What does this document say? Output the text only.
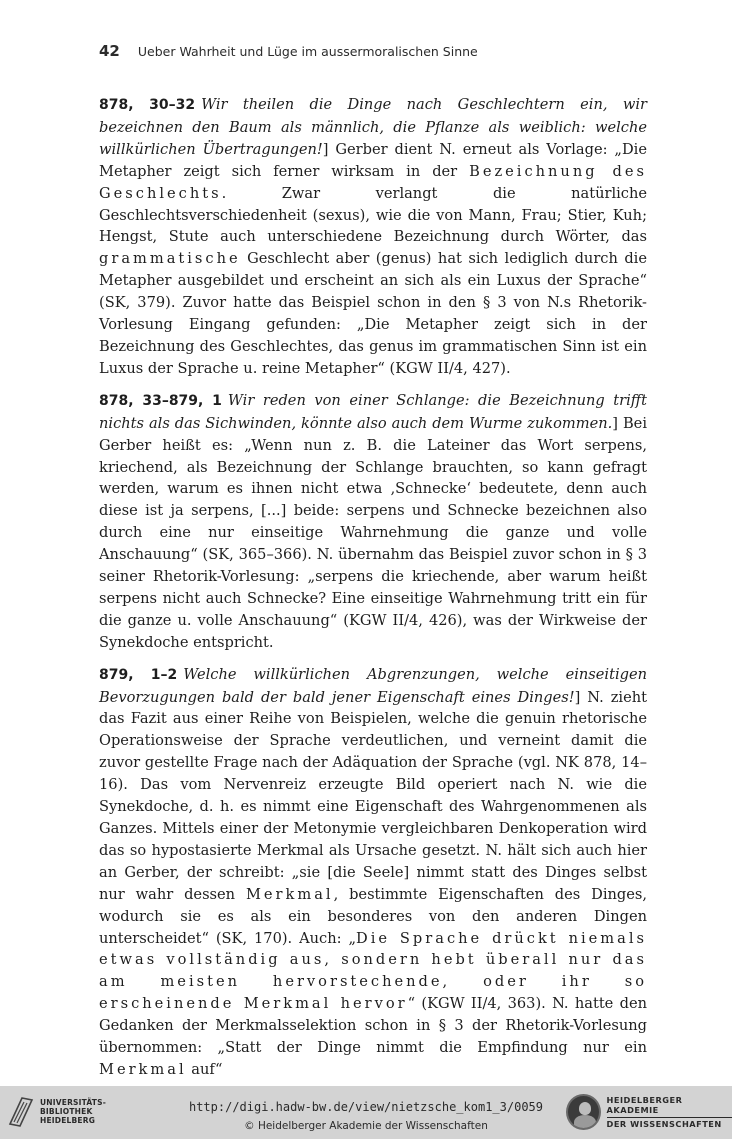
42 Ueber Wahrheit und Lüge im aussermoralischen Sinne

878, 30–32 Wir theilen die Dinge nach Geschlechtern ein, wir bezeichnen den Baum als männlich, die Pflanze als weiblich: welche willkürlichen Übertragungen!] Gerber dient N. erneut als Vorlage: „Die Metapher zeigt sich ferner wirksam in der Bezeichnung des Geschlechts. Zwar verlangt die natürliche Geschlechtsverschiedenheit (sexus), wie die von Mann, Frau; Stier, Kuh; Hengst, Stute auch unterschiedene Bezeichnung durch Wörter, das grammatische Geschlecht aber (genus) hat sich lediglich durch die Metapher ausgebildet und erscheint an sich als ein Luxus der Sprache“ (SK, 379). Zuvor hatte das Beispiel schon in den § 3 von N.s Rhetorik-Vorlesung Eingang gefunden: „Die Metapher zeigt sich in der Bezeichnung des Geschlechtes, das genus im grammatischen Sinn ist ein Luxus der Sprache u. reine Metapher“ (KGW II/4, 427).

878, 33–879, 1 Wir reden von einer Schlange: die Bezeichnung trifft nichts als das Sichwinden, könnte also auch dem Wurme zukommen.] Bei Gerber heißt es: „Wenn nun z. B. die Lateiner das Wort serpens, kriechend, als Bezeichnung der Schlange brauchten, so kann gefragt werden, warum es ihnen nicht etwa ‚Schnecke‘ bedeutete, denn auch diese ist ja serpens, [...] beide: serpens und Schnecke bezeichnen also durch eine nur einseitige Wahrnehmung die ganze und volle Anschauung“ (SK, 365–366). N. übernahm das Beispiel zuvor schon in § 3 seiner Rhetorik-Vorlesung: „serpens die kriechende, aber warum heißt serpens nicht auch Schnecke? Eine einseitige Wahrnehmung tritt ein für die ganze u. volle Anschauung“ (KGW II/4, 426), was der Wirkweise der Synekdoche entspricht.

879, 1–2 Welche willkürlichen Abgrenzungen, welche einseitigen Bevorzugungen bald der bald jener Eigenschaft eines Dinges!] N. zieht das Fazit aus einer Reihe von Beispielen, welche die genuin rhetorische Operationsweise der Sprache verdeutlichen, und verneint damit die zuvor gestellte Frage nach der Adäquation der Sprache (vgl. NK 878, 14–16). Das vom Nervenreiz erzeugte Bild operiert nach N. wie die Synekdoche, d. h. es nimmt eine Eigenschaft des Wahrgenommenen als Ganzes. Mittels einer der Metonymie vergleichbaren Denkoperation wird das so hypostasierte Merkmal als Ursache gesetzt. N. hält sich auch hier an Gerber, der schreibt: „sie [die Seele] nimmt statt des Dinges selbst nur wahr dessen Merkmal, bestimmte Eigenschaften des Dinges, wodurch sie es als ein besonderes von den anderen Dingen unterscheidet“ (SK, 170). Auch: „Die Sprache drückt niemals etwas vollständig aus, sondern hebt überall nur das am meisten hervorstechende, oder ihr so erscheinende Merkmal hervor“ (KGW II/4, 363). N. hatte den Gedanken der Merkmalsselektion schon in § 3 der Rhetorik-Vorlesung übernommen: „Statt der Dinge nimmt die Empfindung nur ein Merkmal auf“

UNIVERSITÄTS-
BIBLIOTHEK
HEIDELBERG
http://digi.hadw-bw.de/view/nietzsche_kom1_3/0059
© Heidelberger Akademie der Wissenschaften
HEIDELBERGER AKADEMIE
DER WISSENSCHAFTEN
